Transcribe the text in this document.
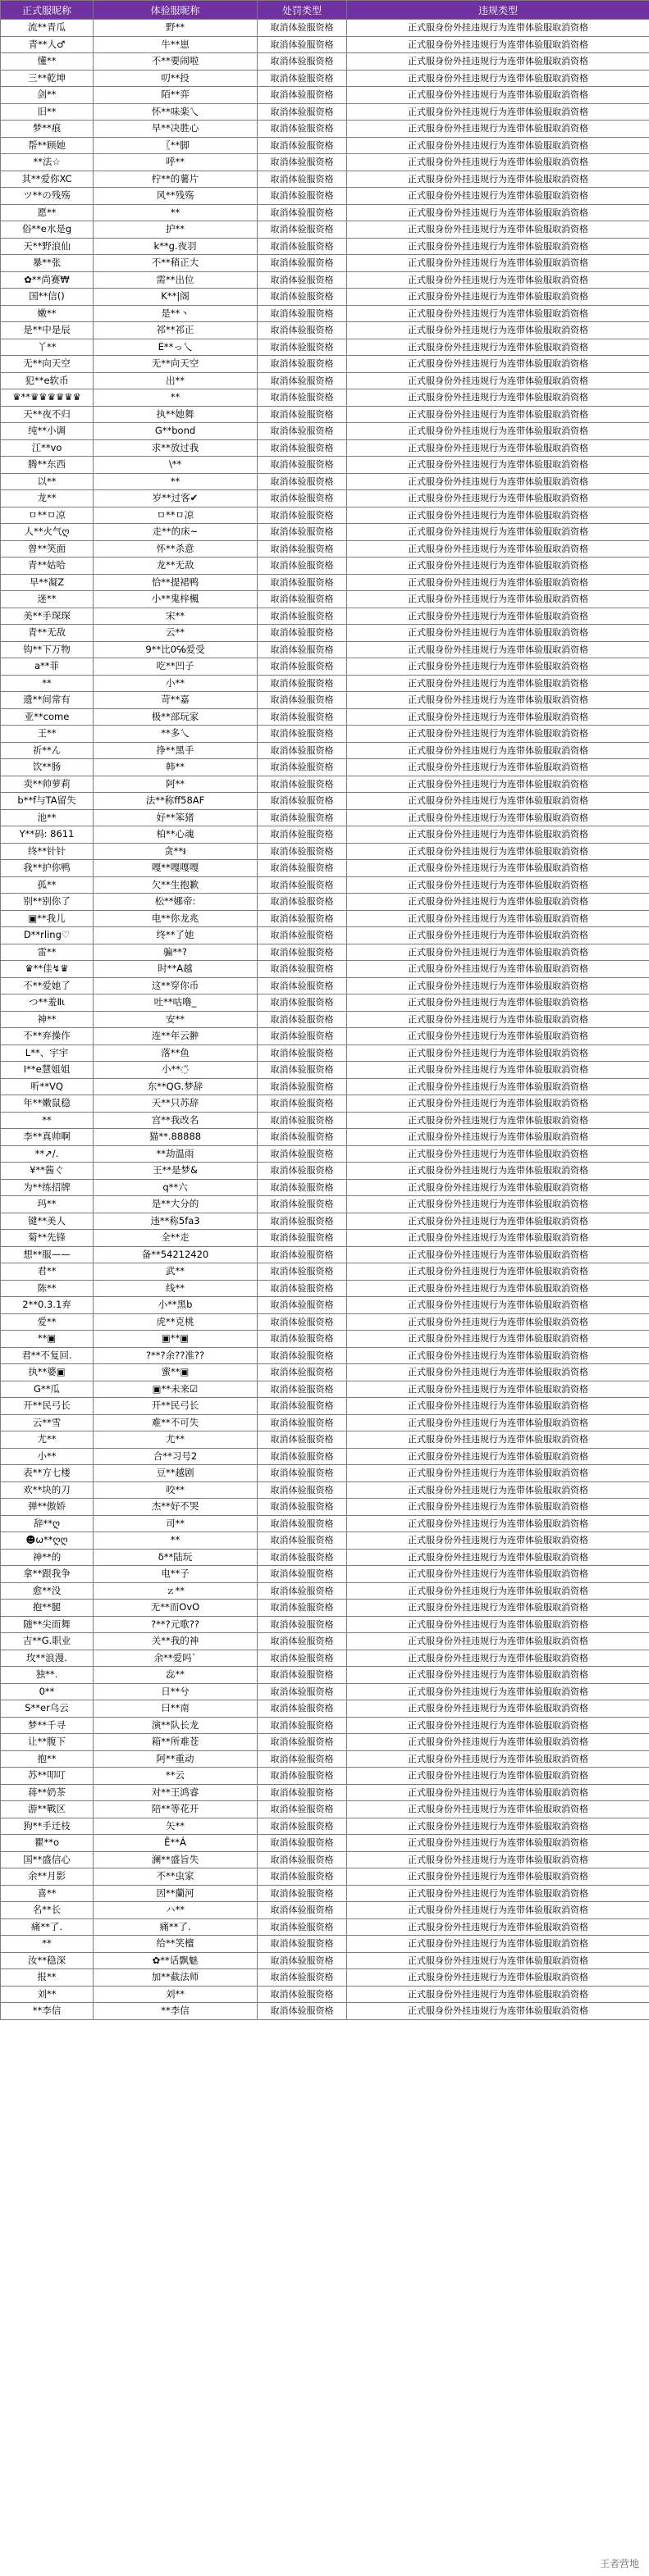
正式服昵称	体验服昵称	处罚类型	违规类型
流**青瓜	野**	取消体验服资格	正式服身份外挂违规行为连带体验服取消资格
青**人♂	牛**崽	取消体验服资格	正式服身份外挂违规行为连带体验服取消资格
懂**	不**要闹啦	取消体验服资格	正式服身份外挂违规行为连带体验服取消资格
三**乾坤	叨**投	取消体验服资格	正式服身份外挂违规行为连带体验服取消资格
剑**	陌**弈	取消体验服资格	正式服身份外挂违规行为连带体验服取消资格
旧**	怀**味楽乀	取消体验服资格	正式服身份外挂违规行为连带体验服取消资格
梦**痕	早**决胜心	取消体验服资格	正式服身份外挂违规行为连带体验服取消资格
帮**顾她	〖**脚	取消体验服资格	正式服身份外挂违规行为连带体验服取消资格
**法☆	呼**	取消体验服资格	正式服身份外挂违规行为连带体验服取消资格
其**爱你XC	柠**的薯片	取消体验服资格	正式服身份外挂违规行为连带体验服取消资格
ツ**の残殇	风**残殇	取消体验服资格	正式服身份外挂违规行为连带体验服取消资格
愿**	**	取消体验服资格	正式服身份外挂违规行为连带体验服取消资格
俗**e水是g	护**	取消体验服资格	正式服身份外挂违规行为连带体验服取消资格
天**野浪仙	k**g.夜羽	取消体验服资格	正式服身份外挂违规行为连带体验服取消资格
暴**张	不**稍正大	取消体验服资格	正式服身份外挂违规行为连带体验服取消资格
✿**尚赛₩	需**出位	取消体验服资格	正式服身份外挂违规行为连带体验服取消资格
国**信()	K**|阁	取消体验服资格	正式服身份外挂违规行为连带体验服取消资格
嫩**	是**丶	取消体验服资格	正式服身份外挂违规行为连带体验服取消资格
是**中是辰	祁**祁正	取消体验服资格	正式服身份外挂违规行为连带体验服取消资格
丫**	E**っ乀	取消体验服资格	正式服身份外挂违规行为连带体验服取消资格
无**向天空	无**向天空	取消体验服资格	正式服身份外挂违规行为连带体验服取消资格
犯**e软币	出**	取消体验服资格	正式服身份外挂违规行为连带体验服取消资格
♛**♛♛♛♛♛♛	**	取消体验服资格	正式服身份外挂违规行为连带体验服取消资格
天**夜不归	执**她舞	取消体验服资格	正式服身份外挂违规行为连带体验服取消资格
纯**小调	G**bond	取消体验服资格	正式服身份外挂违规行为连带体验服取消资格
江**vo	求**放过我	取消体验服资格	正式服身份外挂违规行为连带体验服取消资格
腾**东西	\**	取消体验服资格	正式服身份外挂违规行为连带体验服取消资格
以**	**	取消体验服资格	正式服身份外挂违规行为连带体验服取消资格
龙**	岁**过客✔	取消体验服资格	正式服身份外挂违规行为连带体验服取消资格
ㅁ**ㅁ凉	ㅁ**ㅁ凉	取消体验服资格	正式服身份外挂违规行为连带体验服取消资格
人**火气ღ	走**的床~	取消体验服资格	正式服身份外挂违规行为连带体验服取消资格
曾**笑面	怀**杀意	取消体验服资格	正式服身份外挂违规行为连带体验服取消资格
青**姑哈	龙**无敌	取消体验服资格	正式服身份外挂违规行为连带体验服取消资格
早**凝Z	恰**提裙鸭	取消体验服资格	正式服身份外挂违规行为连带体验服取消资格
迷**	小**鬼梓楓	取消体验服资格	正式服身份外挂违规行为连带体验服取消资格
美**手琛琛	宋**	取消体验服资格	正式服身份外挂违规行为连带体验服取消资格
青**无敌	云**	取消体验服资格	正式服身份外挂违规行为连带体验服取消资格
钩**下万物	9**比0℅爱受	取消体验服资格	正式服身份外挂违规行为连带体验服取消资格
a**菲	吃**凹子	取消体验服资格	正式服身份外挂违规行为连带体验服取消资格
**	小**	取消体验服资格	正式服身份外挂违规行为连带体验服取消资格
遗**间常有	苛**嘉	取消体验服资格	正式服身份外挂违规行为连带体验服取消资格
亚**come	极**部玩家	取消体验服资格	正式服身份外挂违规行为连带体验服取消资格
王**	**多乀	取消体验服资格	正式服身份外挂违规行为连带体验服取消资格
祈**ん	挣**黑手	取消体验服资格	正式服身份外挂违规行为连带体验服取消资格
饮**肠	韩**	取消体验服资格	正式服身份外挂违规行为连带体验服取消资格
卖**帅萝莉	阿**	取消体验服资格	正式服身份外挂违规行为连带体验服取消资格
b**f与TA留失	法**称ff58AF	取消体验服资格	正式服身份外挂违规行为连带体验服取消资格
池**	好**笨猪	取消体验服资格	正式服身份外挂违规行为连带体验服取消资格
Y**码: 8611	柏**心魂	取消体验服资格	正式服身份外挂违规行为连带体验服取消资格
终**针针	贪**៛	取消体验服资格	正式服身份外挂违规行为连带体验服取消资格
我**护你鸭	嘎**嘎嘎嘎	取消体验服资格	正式服身份外挂违规行为连带体验服取消资格
孤**	欠**生抱歉	取消体验服资格	正式服身份外挂违规行为连带体验服取消资格
别**别你了	松**娜帝:	取消体验服资格	正式服身份外挂违规行为连带体验服取消资格
▣**我儿	电**你龙兆	取消体验服资格	正式服身份外挂违规行为连带体验服取消资格
D**rling♡	终**了她	取消体验服资格	正式服身份外挂违规行为连带体验服取消资格
雷**	骗**?	取消体验服资格	正式服身份外挂违规行为连带体验服取消资格
♛**佳↯♛	时**A越	取消体验服资格	正式服身份外挂违规行为连带体验服取消资格
不**爱她了	这**穿你币	取消体验服资格	正式服身份外挂违规行为连带体验服取消资格
つ**羞Ⅱι	吐**咕噜_	取消体验服资格	正式服身份外挂违规行为连带体验服取消资格
神**	安**	取消体验服资格	正式服身份外挂违规行为连带体验服取消资格
不**弃操作	连**年云翀	取消体验服资格	正式服身份外挂违规行为连带体验服取消资格
L**、宇宇	落**鱼	取消体验服资格	正式服身份外挂违规行为连带体验服取消资格
I**e慧姐姐	小**◌̈	取消体验服资格	正式服身份外挂违规行为连带体验服取消资格
听**VQ	东**QG.梦辞	取消体验服资格	正式服身份外挂违规行为连带体验服取消资格
年**嫩鼠稳	天**只苏辞	取消体验服资格	正式服身份外挂违规行为连带体验服取消资格
**	宫**我改名	取消体验服资格	正式服身份外挂违规行为连带体验服取消资格
李**真帅啊	猫**.88888	取消体验服资格	正式服身份外挂违规行为连带体验服取消资格
**↗/.	**劫温雨	取消体验服资格	正式服身份外挂违规行为连带体验服取消资格
¥**酱ぐ	王**是梦&	取消体验服资格	正式服身份外挂违规行为连带体验服取消资格
为**练招牌	q**六	取消体验服资格	正式服身份外挂违规行为连带体验服取消资格
玛**	是**大分的	取消体验服资格	正式服身份外挂违规行为连带体验服取消资格
键**美人	违**称5fa3	取消体验服资格	正式服身份外挂违规行为连带体验服取消资格
菊**先锋	全**走	取消体验服资格	正式服身份外挂违规行为连带体验服取消资格
想**服——	备**54212420	取消体验服资格	正式服身份外挂违规行为连带体验服取消资格
君**	武**	取消体验服资格	正式服身份外挂违规行为连带体验服取消资格
陈**	线**	取消体验服资格	正式服身份外挂违规行为连带体验服取消资格
2**0.3.1弃	小**黑b	取消体验服资格	正式服身份外挂违规行为连带体验服取消资格
爱**	虎**克桃	取消体验服资格	正式服身份外挂违规行为连带体验服取消资格
**▣	▣**▣	取消体验服资格	正式服身份外挂违规行为连带体验服取消资格
君**不复回.	?**?余??准??	取消体验服资格	正式服身份外挂违规行为连带体验服取消资格
执**婆▣	蜜**▣	取消体验服资格	正式服身份外挂违规行为连带体验服取消资格
G**瓜	▣**未来☑	取消体验服资格	正式服身份外挂违规行为连带体验服取消资格
开**民弓长	开**民弓长	取消体验服资格	正式服身份外挂违规行为连带体验服取消资格
云**雪	难**不可失	取消体验服资格	正式服身份外挂违规行为连带体验服取消资格
尤**	尤**	取消体验服资格	正式服身份外挂违规行为连带体验服取消资格
小**	合**习号2	取消体验服资格	正式服身份外挂违规行为连带体验服取消资格
表**方七楼	豆**越剧	取消体验服资格	正式服身份外挂违规行为连带体验服取消资格
欢**块的刀	咬**	取消体验服资格	正式服身份外挂违规行为连带体验服取消资格
弹**傲娇	杰**好不哭	取消体验服资格	正式服身份外挂违规行为连带体验服取消资格
辞**ღ	司**	取消体验服资格	正式服身份外挂违规行为连带体验服取消资格
☻ω**ღღ	**	取消体验服资格	正式服身份外挂违规行为连带体验服取消资格
神**的	δ**陆玩	取消体验服资格	正式服身份外挂违规行为连带体验服取消资格
拿**跟我争	电**子	取消体验服资格	正式服身份外挂违规行为连带体验服取消资格
愈**没	ｚ**	取消体验服资格	正式服身份外挂违规行为连带体验服取消资格
抱**腿	无**而OvO	取消体验服资格	正式服身份外挂违规行为连带体验服取消资格
随**尖而舞	?**?元歌??	取消体验服资格	正式服身份外挂违规行为连带体验服取消资格
吉**G.职业	关**我的神	取消体验服资格	正式服身份外挂违规行为连带体验服取消资格
玫**浪漫.	余**爱吗`	取消体验服资格	正式服身份外挂违规行为连带体验服取消资格
独**.	惢**	取消体验服资格	正式服身份外挂违规行为连带体验服取消资格
0**	日**兮	取消体验服资格	正式服身份外挂违规行为连带体验服取消资格
S**er乌云	曰**南	取消体验服资格	正式服身份外挂违规行为连带体验服取消资格
梦**千寻	演**队长龙	取消体验服资格	正式服身份外挂违规行为连带体验服取消资格
让**腹下	箱**所难苍	取消体验服资格	正式服身份外挂违规行为连带体验服取消资格
抱**	阿**重动	取消体验服资格	正式服身份外挂违规行为连带体验服取消资格
苏**叩叮	**云	取消体验服资格	正式服身份外挂违规行为连带体验服取消资格
蒋**奶茶	对**王鸿睿	取消体验服资格	正式服身份外挂违规行为连带体验服取消资格
游**戰区	陪**等花开	取消体验服资格	正式服身份外挂违规行为连带体验服取消资格
狗**手迁枝	矢**	取消体验服资格	正式服身份外挂违规行为连带体验服取消资格
瞿**ο	Ē**Á	取消体验服资格	正式服身份外挂违规行为连带体验服取消资格
国**盛信心	澜**盛旨失	取消体验服资格	正式服身份外挂违规行为连带体验服取消资格
余**月影	不**虫家	取消体验服资格	正式服身份外挂违规行为连带体验服取消资格
喜**	因**蘭河	取消体验服资格	正式服身份外挂违规行为连带体验服取消资格
名**长	ハ**	取消体验服资格	正式服身份外挂违规行为连带体验服取消资格
痛**了.	痛**了.	取消体验服资格	正式服身份外挂违规行为连带体验服取消资格
**	给**笑檀	取消体验服资格	正式服身份外挂违规行为连带体验服取消资格
汝**稳深	✿**话飘魅	取消体验服资格	正式服身份外挂违规行为连带体验服取消资格
报**	加**截法师	取消体验服资格	正式服身份外挂违规行为连带体验服取消资格
刘**	刘**	取消体验服资格	正式服身份外挂违规行为连带体验服取消资格
**李信	**李信	取消体验服资格	正式服身份外挂违规行为连带体验服取消资格
王者营地
